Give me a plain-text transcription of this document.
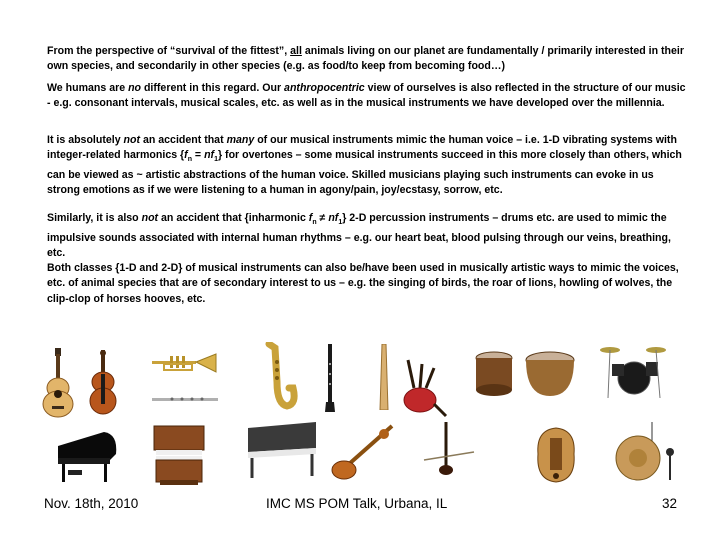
From the perspective of “survival of the fittest”, all animals living on our planet are fundamentally / primarily interested in their own species, and secondarily in other species (e.g. as food/to keep from becoming food…)
We humans are no different in this regard. Our anthropocentric view of ourselves is also reflected in the structure of our music - e.g. consonant intervals, musical scales, etc. as well as in the musical instruments we have developed over the millennia.
It is absolutely not an accident that many of our musical instruments mimic the human voice – i.e. 1-D vibrating systems with integer-related harmonics $\{f_n = nf_1\}$ for overtones – some musical instruments succeed in this more closely than others, which can be viewed as ~ artistic abstractions of the human voice. Skilled musicians playing such instruments can evoke in us strong emotions as if we were listening to a human in agony/pain, joy/ecstasy, sorrow, etc.
Similarly, it is also not an accident that {inharmonic $f_n \ne nf_1$} 2-D percussion instruments – drums etc. are used to mimic the impulsive sounds associated with internal human rhythms – e.g. our heart beat, blood pulsing through our veins, breathing, etc.
Both classes {1-D and 2-D} of musical instruments can also be/have been used in musically artistic ways to mimic the voices, etc. of animal species that are of secondary interest to us – e.g. the singing of birds, the roar of lions, howling of wolves, the clip-clop of horses hooves, etc.
Nov. 18th, 2010	IMC MS POM Talk, Urbana, IL	32
